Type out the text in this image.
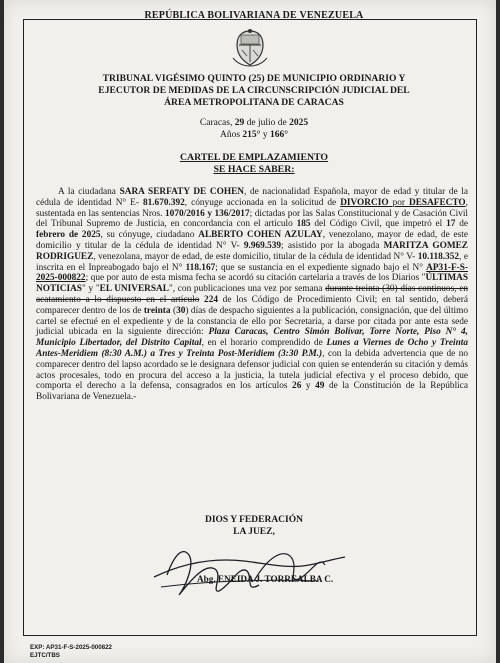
REPÚBLICA BOLIVARIANA DE VENEZUELA
TRIBUNAL VIGÉSIMO QUINTO (25) DE MUNICIPIO ORDINARIO Y
EJECUTOR DE MEDIDAS DE LA CIRCUNSCRIPCIÓN JUDICIAL DEL
ÁREA METROPOLITANA DE CARACAS
Caracas, 29 de julio de 2025
Años 215° y 166°
CARTEL DE EMPLAZAMIENTO
SE HACE SABER:
A la ciudadana SARA SERFATY DE COHEN, de nacionalidad Española, mayor de edad y titular de la cédula de identidad N° E- 81.670.392, cónyuge accionada en la solicitud de DIVORCIO por DESAFECTO, sustentada en las sentencias Nros. 1070/2016 y 136/2017; dictadas por las Salas Constitucional y de Casación Civil del Tribunal Supremo de Justicia, en concordancia con el artículo 185 del Código Civil, que impetró el 17 de febrero de 2025, su cónyuge, ciudadano ALBERTO COHEN AZULAY, venezolano, mayor de edad, de este domicilio y titular de la cédula de identidad N° V- 9.969.539; asistido por la abogada MARITZA GOMEZ RODRIGUEZ, venezolana, mayor de edad, de este domicilio, titular de la cédula de identidad N° V- 10.118.352, e inscrita en el Inpreabogado bajo el N° 118.167; que se sustancia en el expediente signado bajo el N° AP31-F-S-2025-000822; que por auto de esta misma fecha se acordó su citación cartelaria a través de los Diarios "ÚLTIMAS NOTICIAS" y "EL UNIVERSAL", con publicaciones una vez por semana durante treinta (30) días continuos, en acatamiento a lo dispuesto en el artículo 224 de los Código de Procedimiento Civil; en tal sentido, deberá comparecer dentro de los de treinta (30) días de despacho siguientes a la publicación, consignación, que del último cartel se efectué en el expediente y de la constancia de ello por Secretaria, a darse por citada por ante esta sede judicial ubicada en la siguiente dirección: Plaza Caracas, Centro Simón Bolívar, Torre Norte, Piso N° 4, Municipio Libertador, del Distrito Capital, en el horario comprendido de Lunes a Viernes de Ocho y Treinta Antes-Meridiem (8:30 A.M.) a Tres y Treinta Post-Meridiem (3:30 P.M.), con la debida advertencia que de no comparecer dentro del lapso acordado se le designara defensor judicial con quien se entenderán su citación y demás actos procesales, todo en procura del acceso a la justicia, la tutela judicial efectiva y el proceso debido, que comporta el derecho a la defensa, consagrados en los artículos 26 y 49 de la Constitución de la República Bolivariana de Venezuela.-
DIOS Y FEDERACIÓN
LA JUEZ,
Abg. ENEIDA J. TORREALBA C.
EXP: AP31-F-S-2025-000822
EJTC/TBS
